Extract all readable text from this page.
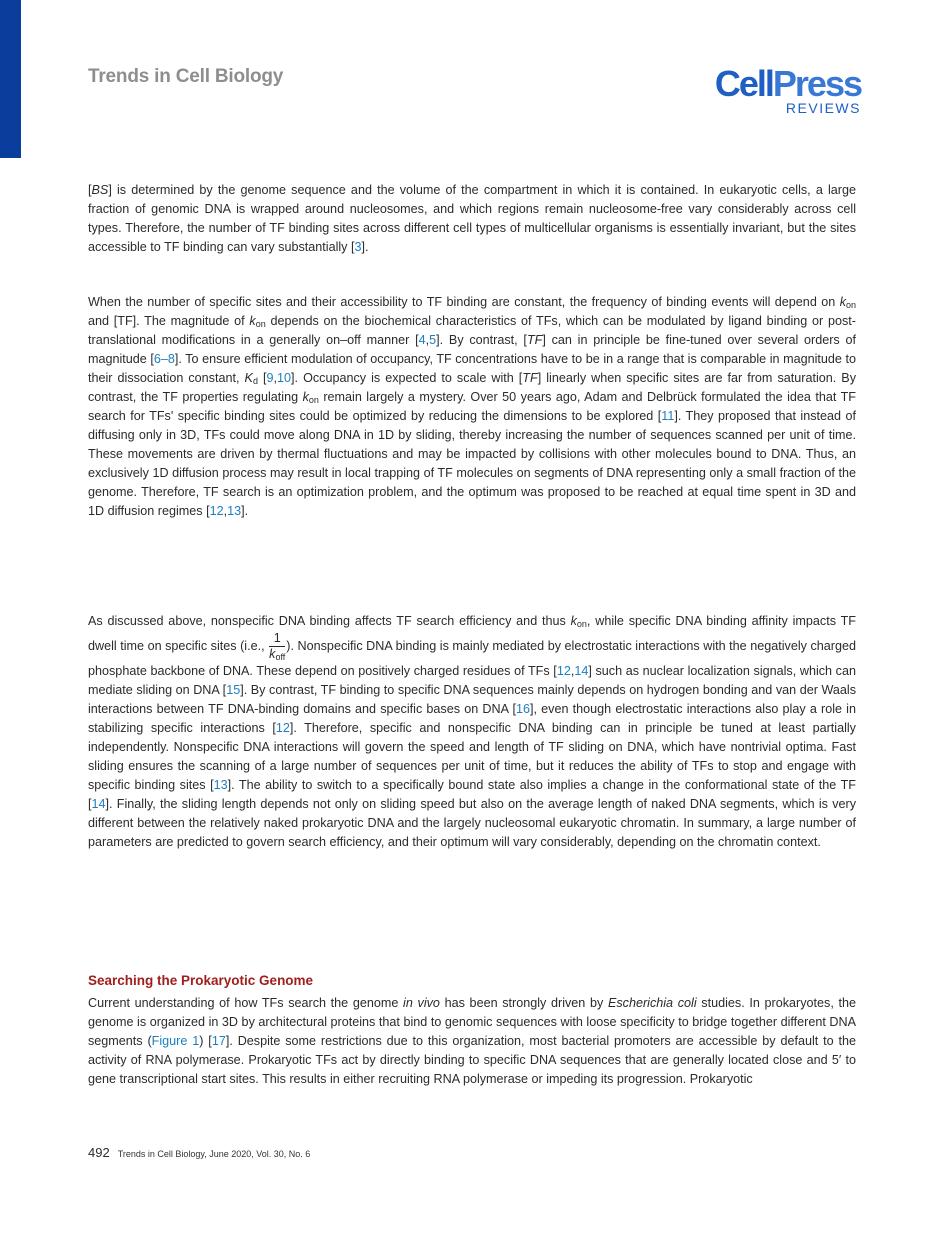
Trends in Cell Biology	CellPress
REVIEWS

[BS] is determined by the genome sequence and the volume of the compartment in which it is contained. In eukaryotic cells, a large fraction of genomic DNA is wrapped around nucleosomes, and which regions remain nucleosome-free vary considerably across cell types. Therefore, the number of TF binding sites across different cell types of multicellular organisms is essentially invariant, but the sites accessible to TF binding can vary substantially [3].

When the number of specific sites and their accessibility to TF binding are constant, the frequency of binding events will depend on $k_{on}$ and [TF]. The magnitude of $k_{on}$ depends on the biochemical characteristics of TFs, which can be modulated by ligand binding or post-translational modifications in a generally on–off manner [4,5]. By contrast, [TF] can in principle be fine-tuned over several orders of magnitude [6–8]. To ensure efficient modulation of occupancy, TF concentrations have to be in a range that is comparable in magnitude to their dissociation constant, $K_d$ [9,10]. Occupancy is expected to scale with [TF] linearly when specific sites are far from saturation. By contrast, the TF properties regulating $k_{on}$ remain largely a mystery. Over 50 years ago, Adam and Delbrück formulated the idea that TF search for TFs' specific binding sites could be optimized by reducing the dimensions to be explored [11]. They proposed that instead of diffusing only in 3D, TFs could move along DNA in 1D by sliding, thereby increasing the number of sequences scanned per unit of time. These movements are driven by thermal fluctuations and may be impacted by collisions with other molecules bound to DNA. Thus, an exclusively 1D diffusion process may result in local trapping of TF molecules on segments of DNA representing only a small fraction of the genome. Therefore, TF search is an optimization problem, and the optimum was proposed to be reached at equal time spent in 3D and 1D diffusion regimes [12,13].

As discussed above, nonspecific DNA binding affects TF search efficiency and thus $k_{on}$, while specific DNA binding affinity impacts TF dwell time on specific sites (i.e., $\frac{1}{k_{off}}$ ). Nonspecific DNA binding is mainly mediated by electrostatic interactions with the negatively charged phosphate backbone of DNA. These depend on positively charged residues of TFs [12,14] such as nuclear localization signals, which can mediate sliding on DNA [15]. By contrast, TF binding to specific DNA sequences mainly depends on hydrogen bonding and van der Waals interactions between TF DNA-binding domains and specific bases on DNA [16], even though electrostatic interactions also play a role in stabilizing specific interactions [12]. Therefore, specific and nonspecific DNA binding can in principle be tuned at least partially independently. Nonspecific DNA interactions will govern the speed and length of TF sliding on DNA, which have nontrivial optima. Fast sliding ensures the scanning of a large number of sequences per unit of time, but it reduces the ability of TFs to stop and engage with specific binding sites [13]. The ability to switch to a specifically bound state also implies a change in the conformational state of the TF [14]. Finally, the sliding length depends not only on sliding speed but also on the average length of naked DNA segments, which is very different between the relatively naked prokaryotic DNA and the largely nucleosomal eukaryotic chromatin. In summary, a large number of parameters are predicted to govern search efficiency, and their optimum will vary considerably, depending on the chromatin context.

Searching the Prokaryotic Genome

Current understanding of how TFs search the genome in vivo has been strongly driven by Escherichia coli studies. In prokaryotes, the genome is organized in 3D by architectural proteins that bind to genomic sequences with loose specificity to bridge together different DNA segments (Figure 1) [17]. Despite some restrictions due to this organization, most bacterial promoters are accessible by default to the activity of RNA polymerase. Prokaryotic TFs act by directly binding to specific DNA sequences that are generally located close and 5′ to gene transcriptional start sites. This results in either recruiting RNA polymerase or impeding its progression. Prokaryotic

492 Trends in Cell Biology, June 2020, Vol. 30, No. 6
